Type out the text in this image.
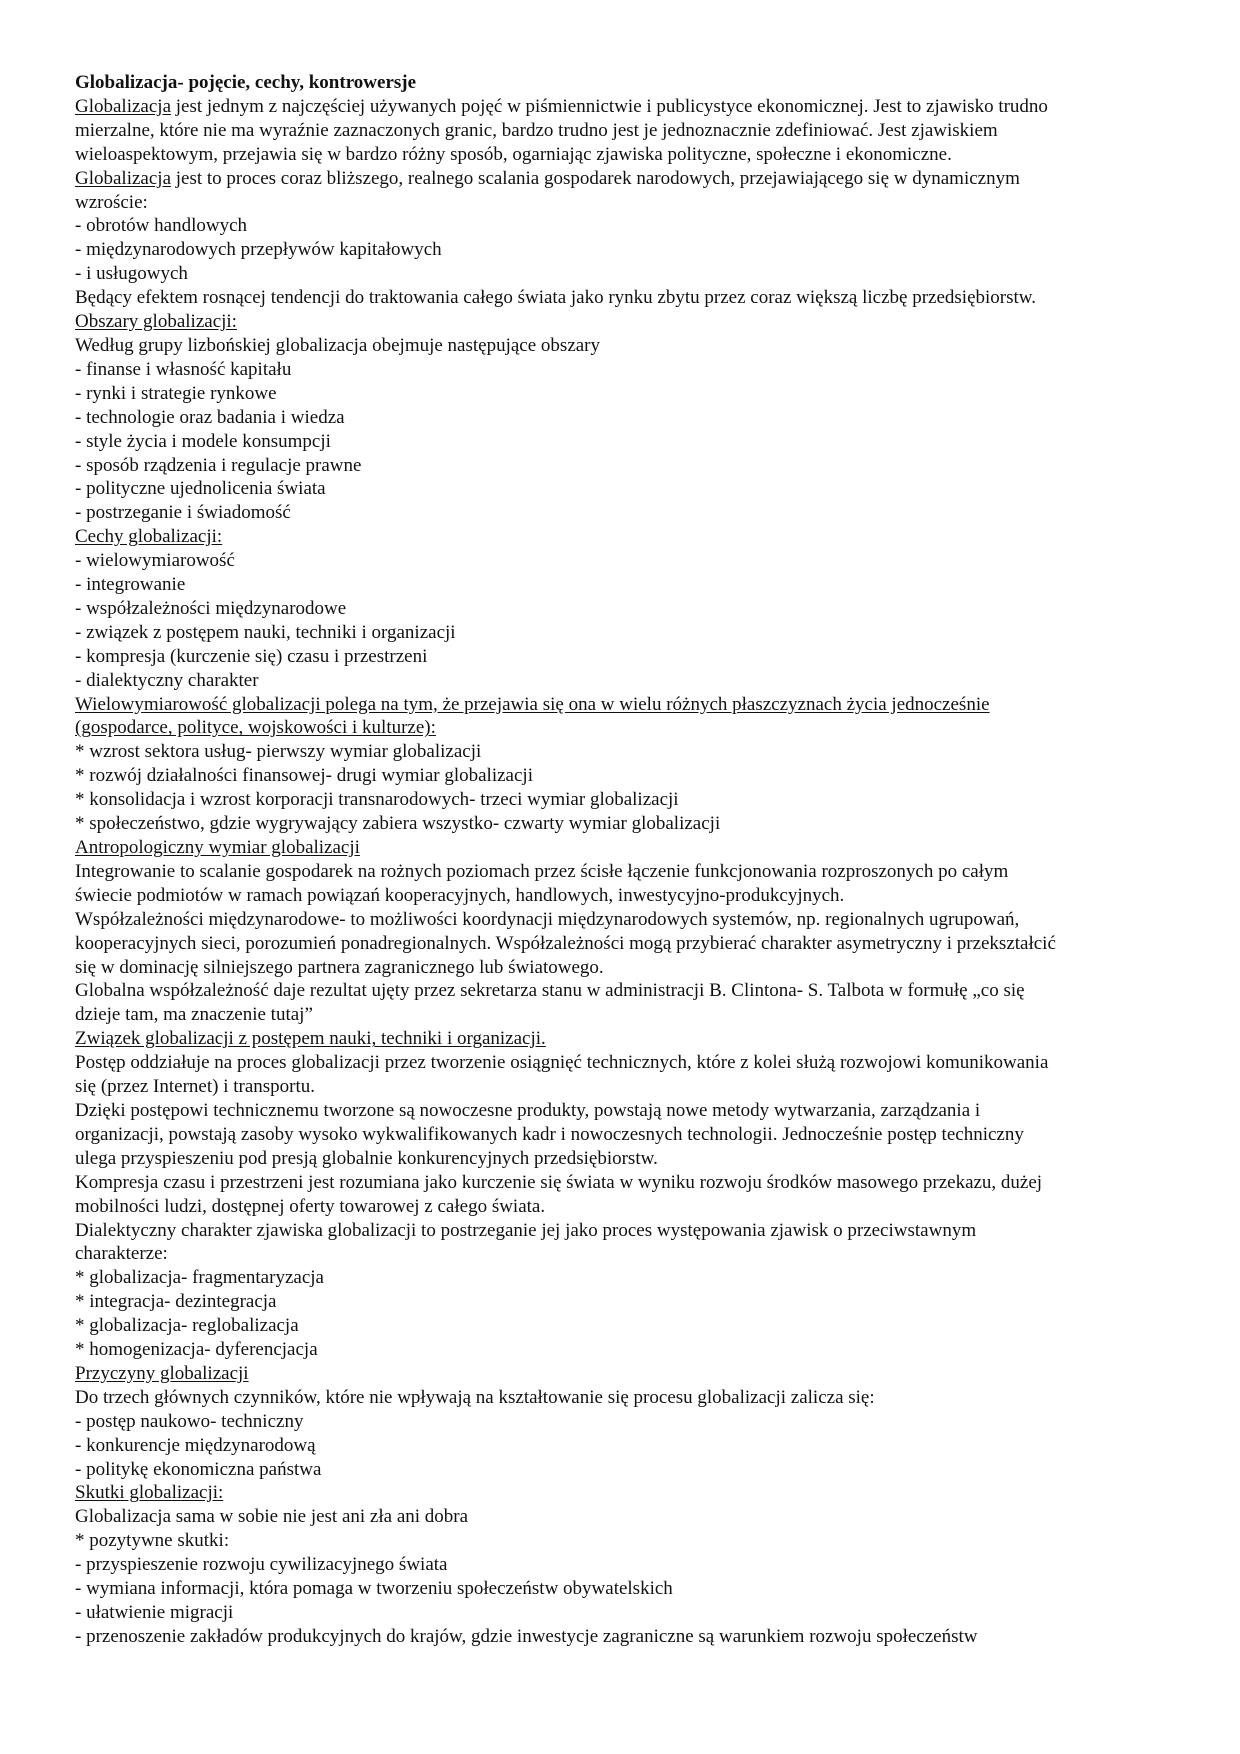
Globalizacja- pojęcie, cechy, kontrowersje
Globalizacja jest jednym z najczęściej używanych pojęć w piśmiennictwie i publicystyce ekonomicznej. Jest to zjawisko trudno
mierzalne, które nie ma wyraźnie zaznaczonych granic, bardzo trudno jest je jednoznacznie zdefiniować. Jest zjawiskiem
wieloaspektowym, przejawia się w bardzo różny sposób, ogarniając zjawiska polityczne, społeczne i ekonomiczne.
Globalizacja jest to proces coraz bliższego, realnego scalania gospodarek narodowych, przejawiającego się w dynamicznym
wzroście:
- obrotów handlowych
- międzynarodowych przepływów kapitałowych
- i usługowych
Będący efektem rosnącej tendencji do traktowania całego świata jako rynku zbytu przez coraz większą liczbę przedsiębiorstw.
Obszary globalizacji:
Według grupy lizbońskiej globalizacja obejmuje następujące obszary
- finanse i własność kapitału
- rynki i strategie rynkowe
- technologie oraz badania i wiedza
- style życia i modele konsumpcji
- sposób rządzenia i regulacje prawne
- polityczne ujednolicenia świata
- postrzeganie i świadomość
Cechy globalizacji:
- wielowymiarowość
- integrowanie
- współzależności międzynarodowe
- związek z postępem nauki, techniki i organizacji
- kompresja (kurczenie się) czasu i przestrzeni
- dialektyczny charakter
Wielowymiarowość globalizacji polega na tym, że przejawia się ona w wielu różnych płaszczyznach życia jednocześnie
(gospodarce, polityce, wojskowości i kulturze):
* wzrost sektora usług- pierwszy wymiar globalizacji
* rozwój działalności finansowej- drugi wymiar globalizacji
* konsolidacja i wzrost korporacji transnarodowych- trzeci wymiar globalizacji
* społeczeństwo, gdzie wygrywający zabiera wszystko- czwarty wymiar globalizacji
Antropologiczny wymiar globalizacji
Integrowanie to scalanie gospodarek na rożnych poziomach przez ścisłe łączenie funkcjonowania rozproszonych po całym
świecie podmiotów w ramach powiązań kooperacyjnych, handlowych, inwestycyjno-produkcyjnych.
Współzależności międzynarodowe- to możliwości koordynacji międzynarodowych systemów, np. regionalnych ugrupowań,
kooperacyjnych sieci, porozumień ponadregionalnych. Współzależności mogą przybierać charakter asymetryczny i przekształcić
się w dominację silniejszego partnera zagranicznego lub światowego.
Globalna współzależność daje rezultat ujęty przez sekretarza stanu w administracji B. Clintona- S. Talbota w formułę „co się
dzieje tam, ma znaczenie tutaj”
Związek globalizacji z postępem nauki, techniki i organizacji.
Postęp oddziałuje na proces globalizacji przez tworzenie osiągnięć technicznych, które z kolei służą rozwojowi komunikowania
się (przez Internet) i transportu.
Dzięki postępowi technicznemu tworzone są nowoczesne produkty, powstają nowe metody wytwarzania, zarządzania i
organizacji, powstają zasoby wysoko wykwalifikowanych kadr i nowoczesnych technologii. Jednocześnie postęp techniczny
ulega przyspieszeniu pod presją globalnie konkurencyjnych przedsiębiorstw.
Kompresja czasu i przestrzeni jest rozumiana jako kurczenie się świata w wyniku rozwoju środków masowego przekazu, dużej
mobilności ludzi, dostępnej oferty towarowej z całego świata.
Dialektyczny charakter zjawiska globalizacji to postrzeganie jej jako proces występowania zjawisk o przeciwstawnym
charakterze:
* globalizacja- fragmentaryzacja
* integracja- dezintegracja
* globalizacja- reglobalizacja
* homogenizacja- dyferencjacja
Przyczyny globalizacji
Do trzech głównych czynników, które nie wpływają na kształtowanie się procesu globalizacji zalicza się:
- postęp naukowo- techniczny
- konkurencje międzynarodową
- politykę ekonomiczna państwa
Skutki globalizacji:
Globalizacja sama w sobie nie jest ani zła ani dobra
* pozytywne skutki:
- przyspieszenie rozwoju cywilizacyjnego świata
- wymiana informacji, która pomaga w tworzeniu społeczeństw obywatelskich
- ułatwienie migracji
- przenoszenie zakładów produkcyjnych do krajów, gdzie inwestycje zagraniczne są warunkiem rozwoju społeczeństw
